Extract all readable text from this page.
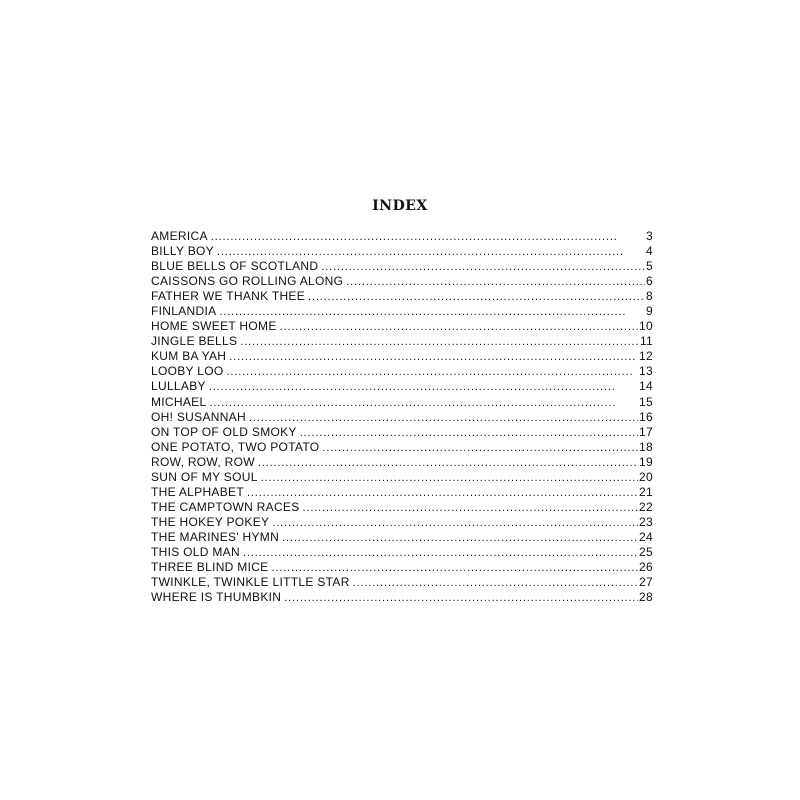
INDEX
AMERICA . . .	3
BILLY BOY . . .	4
BLUE BELLS OF SCOTLAND . . .	5
CAISSONS GO ROLLING ALONG . . .	6
FATHER WE THANK THEE . . .	8
FINLANDIA . . .	9
HOME SWEET HOME . . .	10
JINGLE BELLS . . .	11
KUM BA YAH . . .	12
LOOBY LOO . . .	13
LULLABY . . .	14
MICHAEL . . .	15
OH! SUSANNAH . . .	16
ON TOP OF OLD SMOKY . . .	17
ONE POTATO, TWO POTATO . . .	18
ROW, ROW, ROW . . .	19
SUN OF MY SOUL . . .	20
THE ALPHABET . . .	21
THE CAMPTOWN RACES . . .	22
THE HOKEY POKEY . . .	23
THE MARINES' HYMN . . .	24
THIS OLD MAN . . .	25
THREE BLIND MICE . . .	26
TWINKLE, TWINKLE LITTLE STAR . . .	27
WHERE IS THUMBKIN . . .	28
